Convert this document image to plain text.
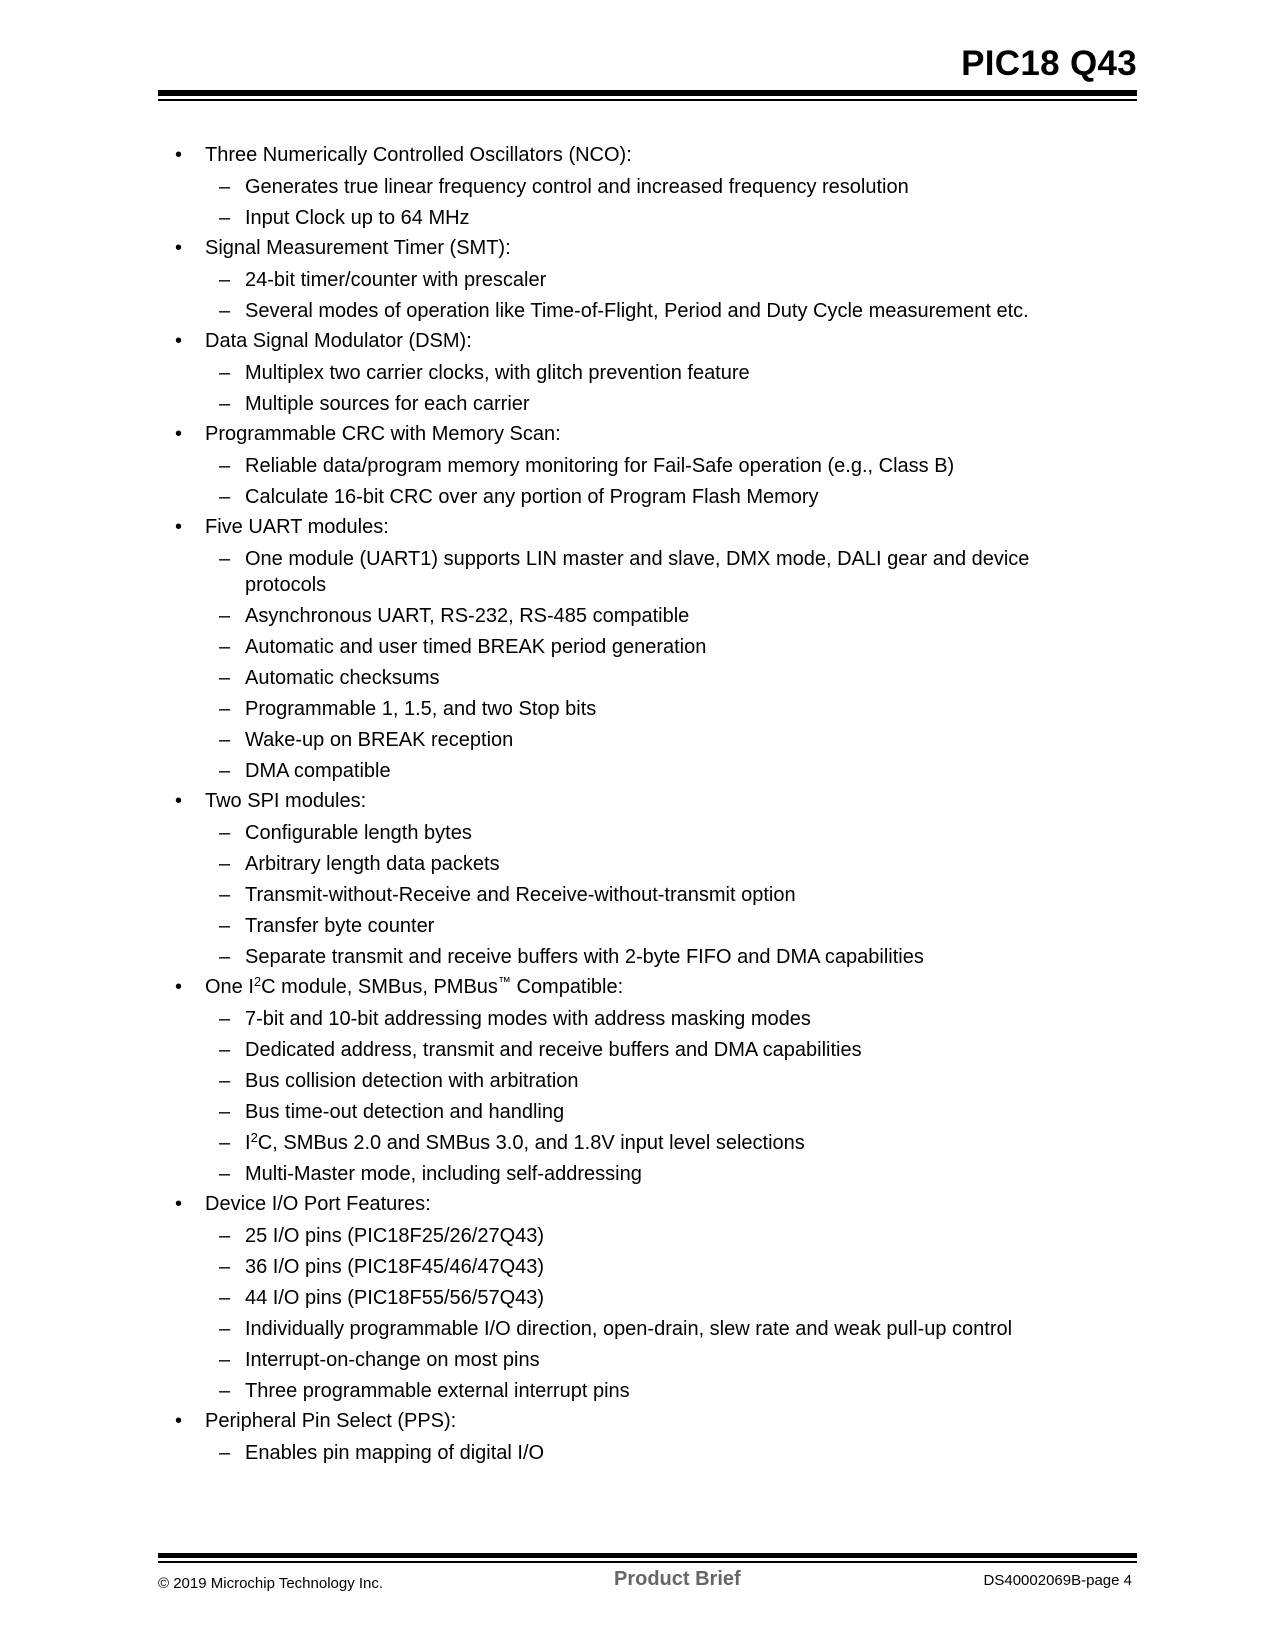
PIC18 Q43
•	Three Numerically Controlled Oscillators (NCO):
– Generates true linear frequency control and increased frequency resolution
– Input Clock up to 64 MHz
•	Signal Measurement Timer (SMT):
– 24-bit timer/counter with prescaler
– Several modes of operation like Time-of-Flight, Period and Duty Cycle measurement etc.
•	Data Signal Modulator (DSM):
– Multiplex two carrier clocks, with glitch prevention feature
– Multiple sources for each carrier
•	Programmable CRC with Memory Scan:
– Reliable data/program memory monitoring for Fail-Safe operation (e.g., Class B)
– Calculate 16-bit CRC over any portion of Program Flash Memory
•	Five UART modules:
– One module (UART1) supports LIN master and slave, DMX mode, DALI gear and device protocols
– Asynchronous UART, RS-232, RS-485 compatible
– Automatic and user timed BREAK period generation
– Automatic checksums
– Programmable 1, 1.5, and two Stop bits
– Wake-up on BREAK reception
– DMA compatible
•	Two SPI modules:
– Configurable length bytes
– Arbitrary length data packets
– Transmit-without-Receive and Receive-without-transmit option
– Transfer byte counter
– Separate transmit and receive buffers with 2-byte FIFO and DMA capabilities
•	One $I^2C$ module, SMBus, PMBus™ Compatible:
– 7-bit and 10-bit addressing modes with address masking modes
– Dedicated address, transmit and receive buffers and DMA capabilities
– Bus collision detection with arbitration
– Bus time-out detection and handling
– $I^2C$, SMBus 2.0 and SMBus 3.0, and 1.8V input level selections
– Multi-Master mode, including self-addressing
•	Device I/O Port Features:
– 25 I/O pins (PIC18F25/26/27Q43)
– 36 I/O pins (PIC18F45/46/47Q43)
– 44 I/O pins (PIC18F55/56/57Q43)
– Individually programmable I/O direction, open-drain, slew rate and weak pull-up control
– Interrupt-on-change on most pins
– Three programmable external interrupt pins
•	Peripheral Pin Select (PPS):
– Enables pin mapping of digital I/O
© 2019 Microchip Technology Inc.	Product Brief	DS40002069B-page 4
